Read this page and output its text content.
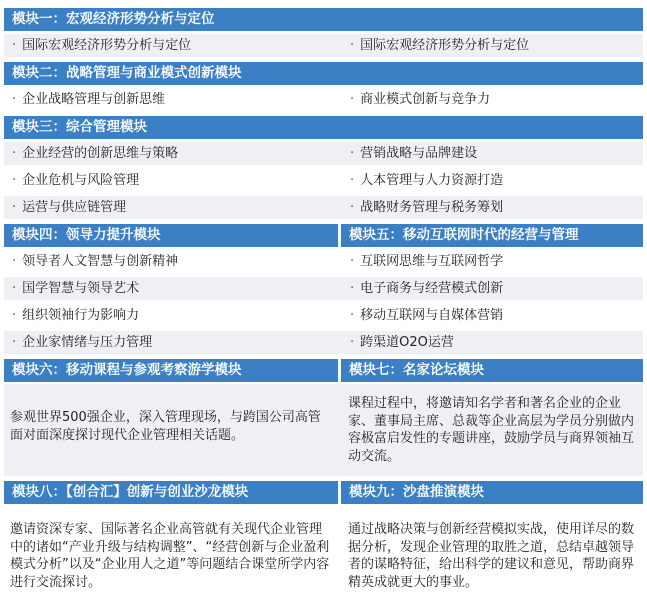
模块一：宏观经济形势分析与定位
· 国际宏观经济形势分析与定位	· 国际宏观经济形势分析与定位
模块二：战略管理与商业模式创新模块
· 企业战略管理与创新思维	· 商业模式创新与竞争力
模块三：综合管理模块
· 企业经营的创新思维与策略	· 营销战略与品牌建设
· 企业危机与风险管理	· 人本管理与人力资源打造
· 运营与供应链管理	· 战略财务管理与税务筹划
模块四：领导力提升模块	模块五：移动互联网时代的经营与管理
· 领导者人文智慧与创新精神	· 互联网思维与互联网哲学
· 国学智慧与领导艺术	· 电子商务与经营模式创新
· 组织领袖行为影响力	· 移动互联网与自媒体营销
· 企业家情绪与压力管理	· 跨渠道O2O运营
模块六：移动课程与参观考察游学模块	模块七：名家论坛模块
参观世界500强企业，深入管理现场，与跨国公司高管面对面深度探讨现代企业管理相关话题。
课程过程中，将邀请知名学者和著名企业的企业家、董事局主席、总裁等企业高层为学员分别做内容极富启发性的专题讲座，鼓励学员与商界领袖互动交流。
模块八：【创合汇】创新与创业沙龙模块	模块九：沙盘推演模块
邀请资深专家、国际著名企业高管就有关现代企业管理中的诸如“产业升级与结构调整”、“经营创新与企业盈利模式分析”以及“企业用人之道”等问题结合课堂所学内容进行交流探讨。
通过战略决策与创新经营模拟实战，使用详尽的数据分析，发现企业管理的取胜之道，总结卓越领导者的谋略特征，给出科学的建议和意见，帮助商界精英成就更大的事业。
